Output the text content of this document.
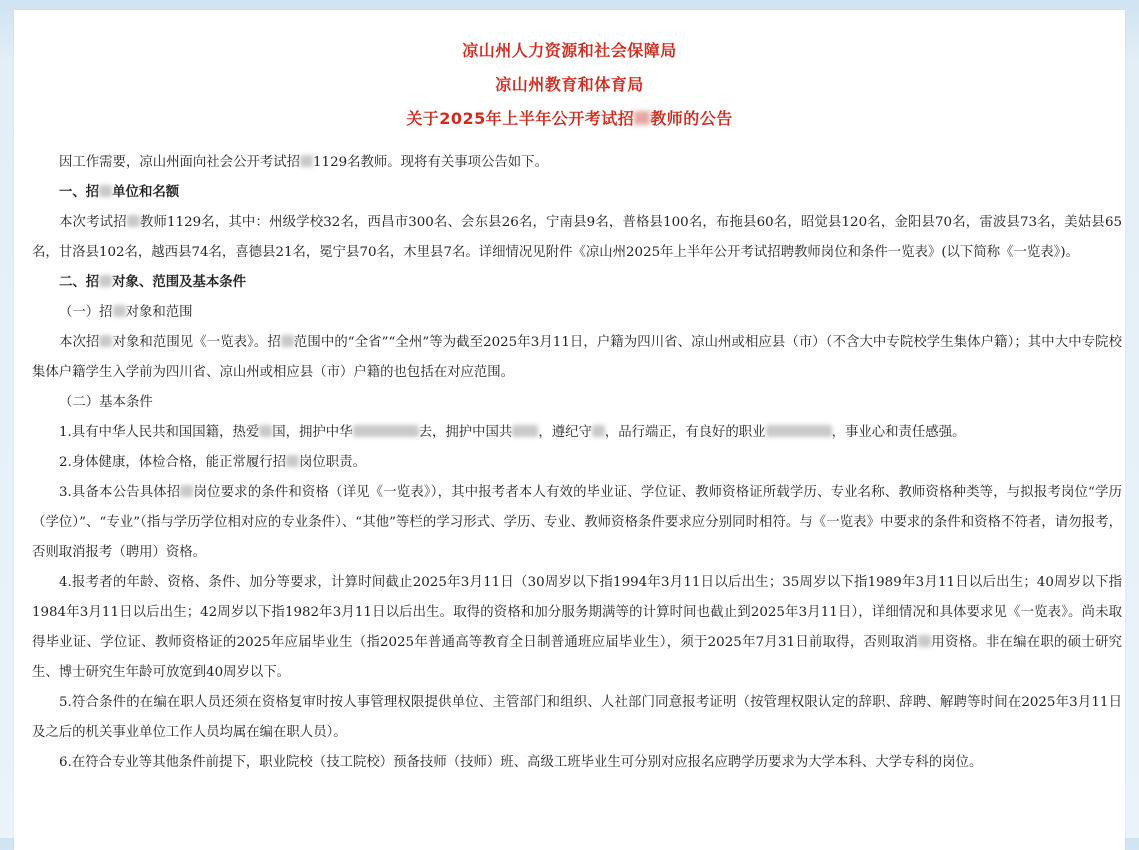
凉山州人力资源和社会保障局
凉山州教育和体育局
关于2025年上半年公开考试招 教师的公告

因工作需要，凉山州面向社会公开考试招 1129名教师。现将有关事项公告如下。

一、招 单位和名额

本次考试招 教师1129名，其中：州级学校32名，西昌市300名、会东县26名，宁南县9名，普格县100名，布拖县60名，昭觉县120名，金阳县70名，雷波县73名，美姑县65名，甘洛县102名，越西县74名，喜德县21名，冕宁县70名，木里县7名。详细情况见附件《凉山州2025年上半年公开考试招聘教师岗位和条件一览表》(以下简称《一览表》)。

二、招 对象、范围及基本条件

（一）招 对象和范围

本次招 对象和范围见《一览表》。招 范围中的“全省”“全州”等为截至2025年3月11日，户籍为四川省、凉山州或相应县（市）（不含大中专院校学生集体户籍）；其中大中专院校集体户籍学生入学前为四川省、凉山州或相应县（市）户籍的也包括在对应范围。

（二）基本条件

1.具有中华人民共和国国籍，热爱 国，拥护中华	去，拥护中国共 ，遵纪守 ，品行端正，有良好的职业	，事业心和责任感强。

2.身体健康，体检合格，能正常履行招 岗位职责。

3.具备本公告具体招 岗位要求的条件和资格（详见《一览表》），其中报考者本人有效的毕业证、学位证、教师资格证所载学历、专业名称、教师资格种类等，与拟报考岗位“学历（学位）”、“专业”（指与学历学位相对应的专业条件）、“其他”等栏的学习形式、学历、专业、教师资格条件要求应分别同时相符。与《一览表》中要求的条件和资格不符者，请勿报考，否则取消报考（聘用）资格。

4.报考者的年龄、资格、条件、加分等要求，计算时间截止2025年3月11日（30周岁以下指1994年3月11日以后出生；35周岁以下指1989年3月11日以后出生；40周岁以下指1984年3月11日以后出生；42周岁以下指1982年3月11日以后出生。取得的资格和加分服务期满等的计算时间也截止到2025年3月11日），详细情况和具体要求见《一览表》。尚未取得毕业证、学位证、教师资格证的2025年应届毕业生（指2025年普通高等教育全日制普通班应届毕业生），须于2025年7月31日前取得，否则取消 用资格。非在编在职的硕士研究生、博士研究生年龄可放宽到40周岁以下。

5.符合条件的在编在职人员还须在资格复审时按人事管理权限提供单位、主管部门和组织、人社部门同意报考证明（按管理权限认定的辞职、辞聘、解聘等时间在2025年3月11日及之后的机关事业单位工作人员均属在编在职人员）。

6.在符合专业等其他条件前提下，职业院校（技工院校）预备技师（技师）班、高级工班毕业生可分别对应报名应聘学历要求为大学本科、大学专科的岗位。
